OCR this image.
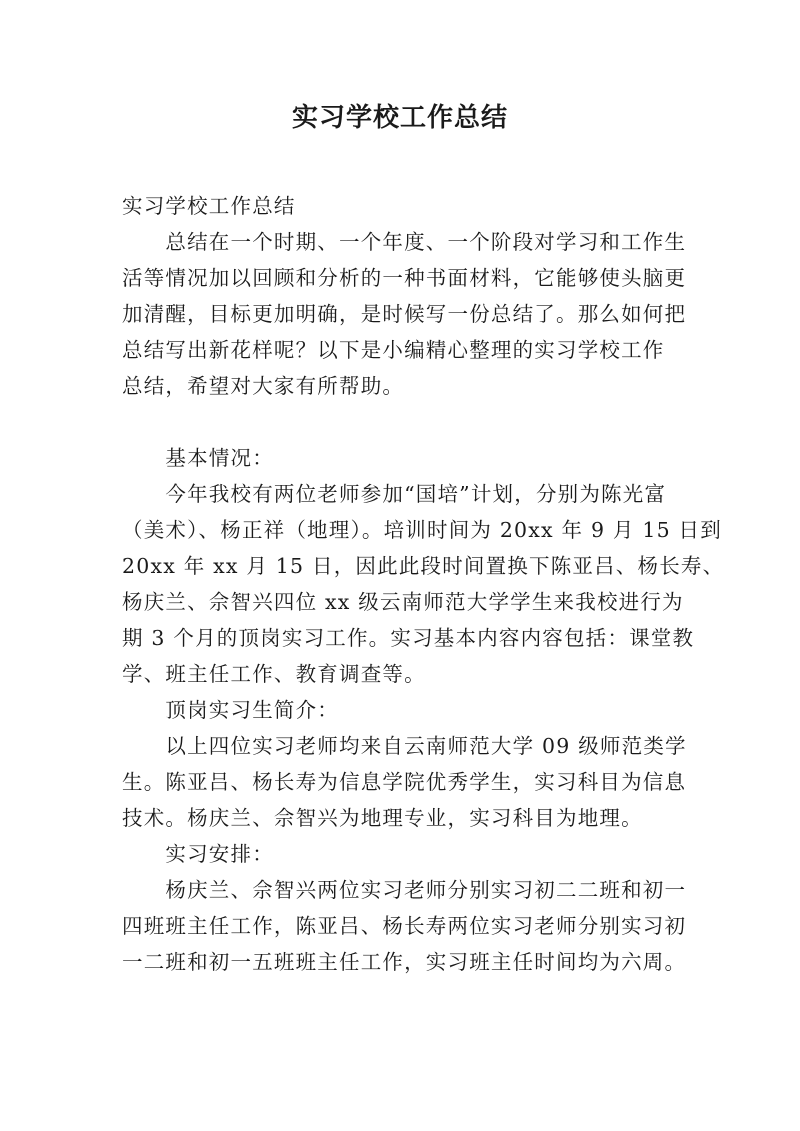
实习学校工作总结
实习学校工作总结
　　总结在一个时期、一个年度、一个阶段对学习和工作生
活等情况加以回顾和分析的一种书面材料，它能够使头脑更
加清醒，目标更加明确，是时候写一份总结了。那么如何把
总结写出新花样呢？以下是小编精心整理的实习学校工作
总结，希望对大家有所帮助。
　　基本情况：
　　今年我校有两位老师参加“国培”计划，分别为陈光富
（美术）、杨正祥（地理）。培训时间为 20xx 年 9 月 15 日到
20xx 年 xx 月 15 日，因此此段时间置换下陈亚吕、杨长寿、
杨庆兰、佘智兴四位 xx 级云南师范大学学生来我校进行为
期 3 个月的顶岗实习工作。实习基本内容内容包括：课堂教
学、班主任工作、教育调查等。
　　顶岗实习生简介：
　　以上四位实习老师均来自云南师范大学 09 级师范类学
生。陈亚吕、杨长寿为信息学院优秀学生，实习科目为信息
技术。杨庆兰、佘智兴为地理专业，实习科目为地理。
　　实习安排：
　　杨庆兰、佘智兴两位实习老师分别实习初二二班和初一
四班班主任工作，陈亚吕、杨长寿两位实习老师分别实习初
一二班和初一五班班主任工作，实习班主任时间均为六周。
